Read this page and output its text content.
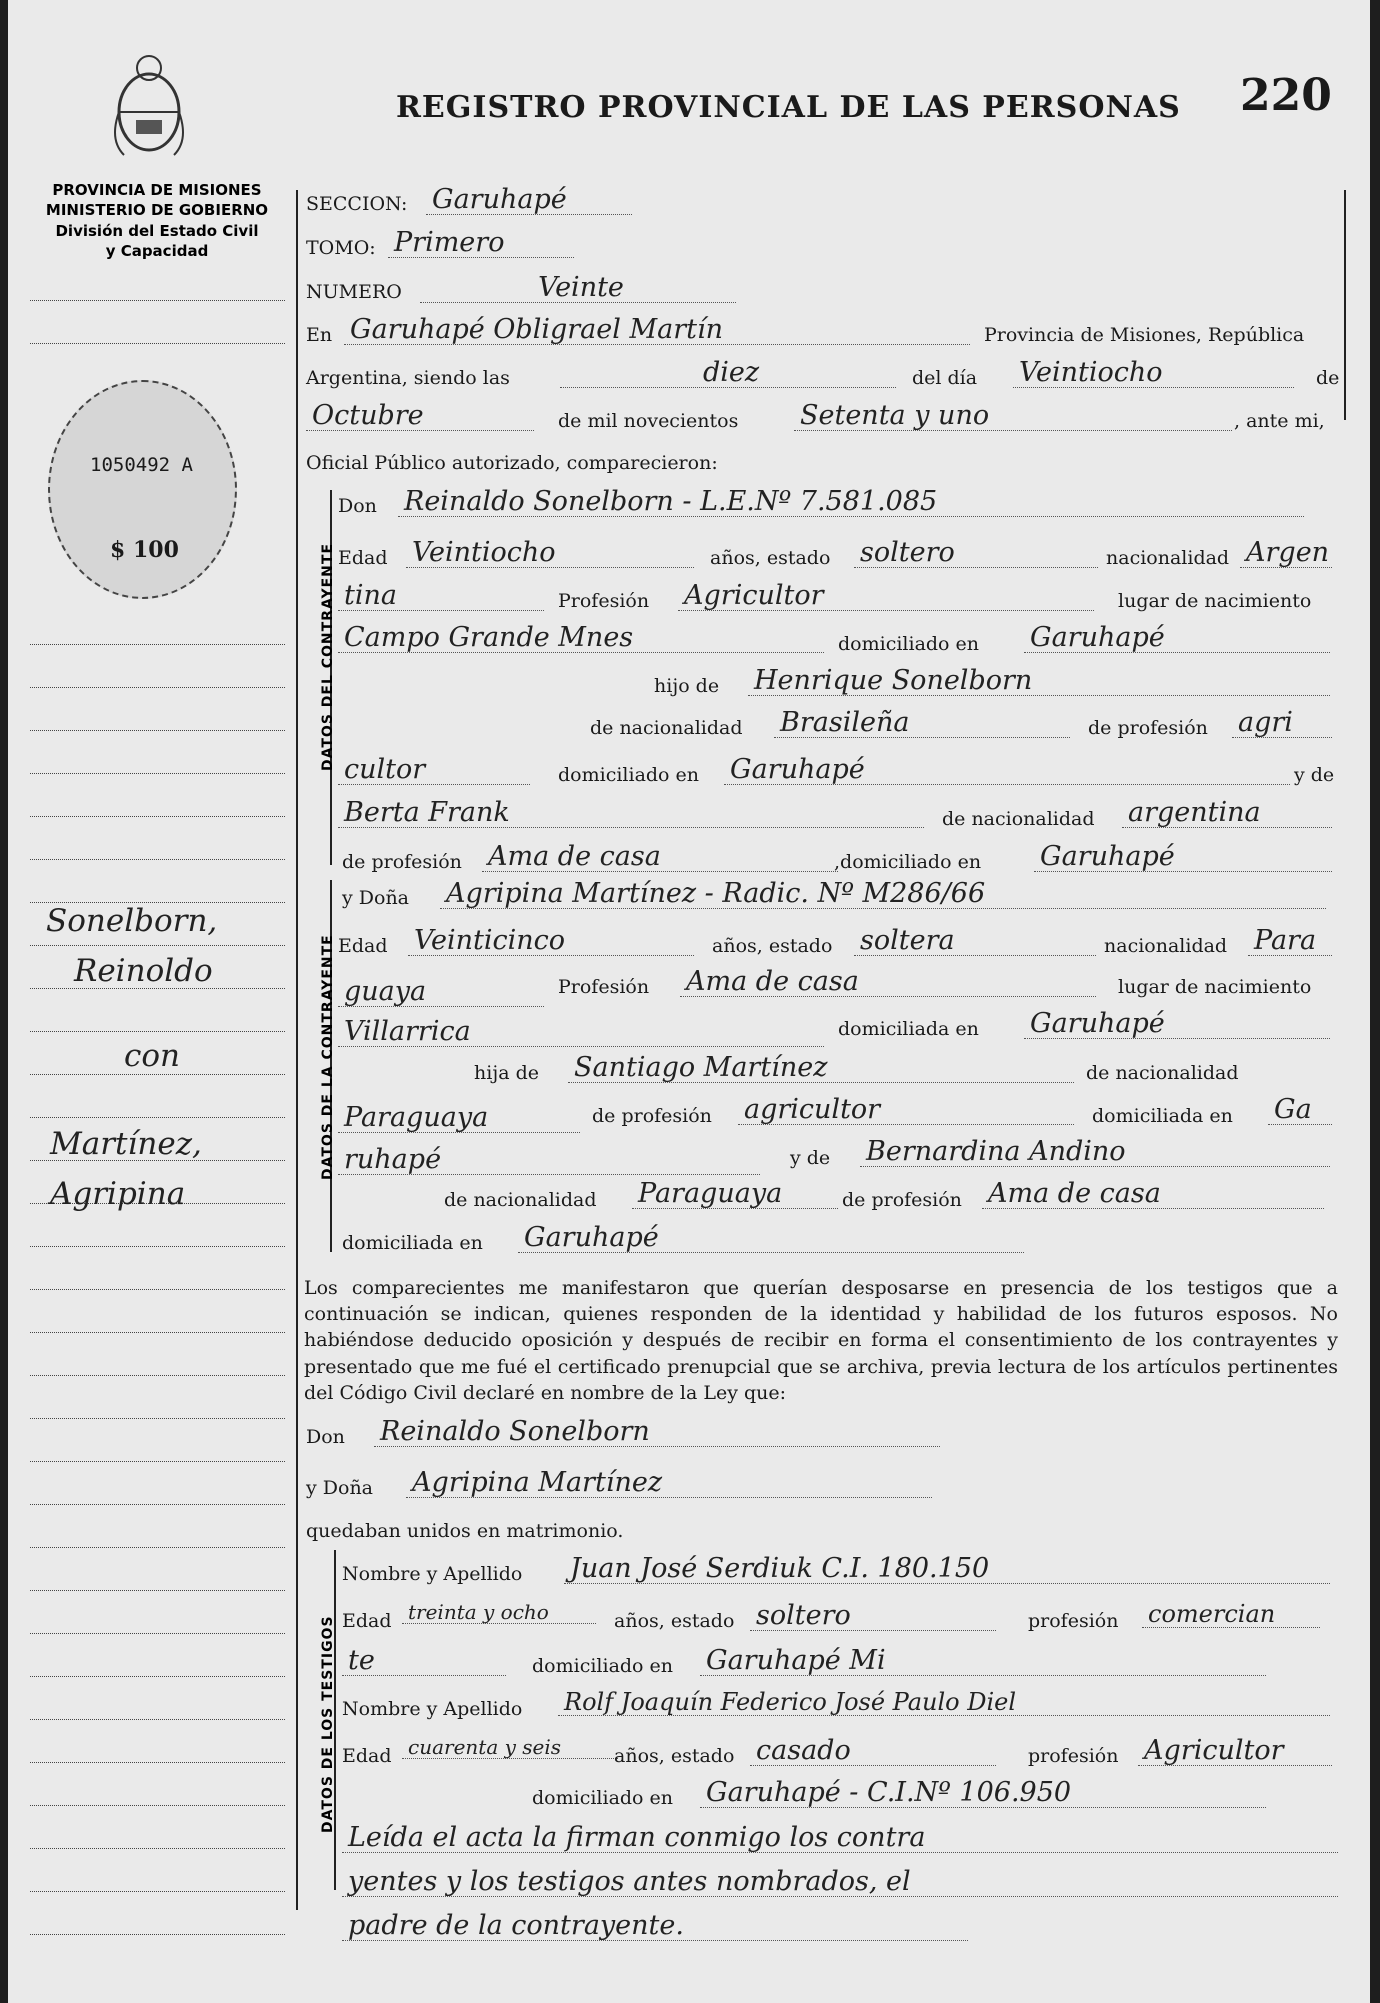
REGISTRO PROVINCIAL DE LAS PERSONAS 220
PROVINCIA DE MISIONES
MINISTERIO DE GOBIERNO
División del Estado Civil
y Capacidad
1050492 A
$ 100
Sonelborn,
Reinoldo
con
Martínez,
Agripina
DATOS DEL CONTRAYENTE
DATOS DE LA CONTRAYENTE
DATOS DE LOS TESTIGOS
SECCION: Garuhapé
TOMO: Primero
NUMERO	Veinte
En Garuhapé Obligrael Martín	Provincia de Misiones, República
Argentina, siendo las	diez	del día Veintiocho	de
Octubre	de mil novecientos Setenta y uno	, ante mi,
Oficial Público autorizado, comparecieron:
Don Reinaldo Sonelborn - L.E.Nº 7.581.085
Edad Veintiocho	años, estado soltero	nacionalidad Argen
tina	Profesión Agricultor	lugar de nacimiento
Campo Grande Mnes	domiciliado en Garuhapé
hijo de Henrique Sonelborn
de nacionalidad Brasileña	de profesión agri
cultor	domiciliado en Garuhapé	y de
Berta Frank	de nacionalidad argentina
de profesión Ama de casa	,domiciliado en Garuhapé
y Doña Agripina Martínez - Radic. Nº M286/66
Edad Veinticinco	años, estado soltera	nacionalidad Para
guaya	Profesión Ama de casa	lugar de nacimiento
Villarrica	domiciliada en Garuhapé
hija de Santiago Martínez	de nacionalidad
Paraguaya	de profesión agricultor	domiciliada en Ga
ruhapé	y de Bernardina Andino
de nacionalidad Paraguaya	de profesión Ama de casa
domiciliada en Garuhapé
Los comparecientes me manifestaron que querían desposarse en presencia de los testigos que a continuación se indican, quienes responden de la identidad y habilidad de los futuros esposos. No habiéndose deducido oposición y después de recibir en forma el consentimiento de los contrayentes y presentado que me fué el certificado prenupcial que se archiva, previa lectura de los artículos pertinentes del Código Civil declaré en nombre de la Ley que:
Don Reinaldo Sonelborn
y Doña Agripina Martínez
quedaban unidos en matrimonio.
Nombre y Apellido Juan José Serdiuk C.I. 180.150
Edad treinta y ocho	años, estado soltero	profesión comercian
te	domiciliado en Garuhapé Mi
Nombre y Apellido Rolf Joaquín Federico José Paulo Diel
Edad cuarenta y seis	años, estado casado	profesión Agricultor
domiciliado en Garuhapé - C.I.Nº 106.950
Leída el acta la firman conmigo los contra
yentes y los testigos antes nombrados, el
padre de la contrayente.
